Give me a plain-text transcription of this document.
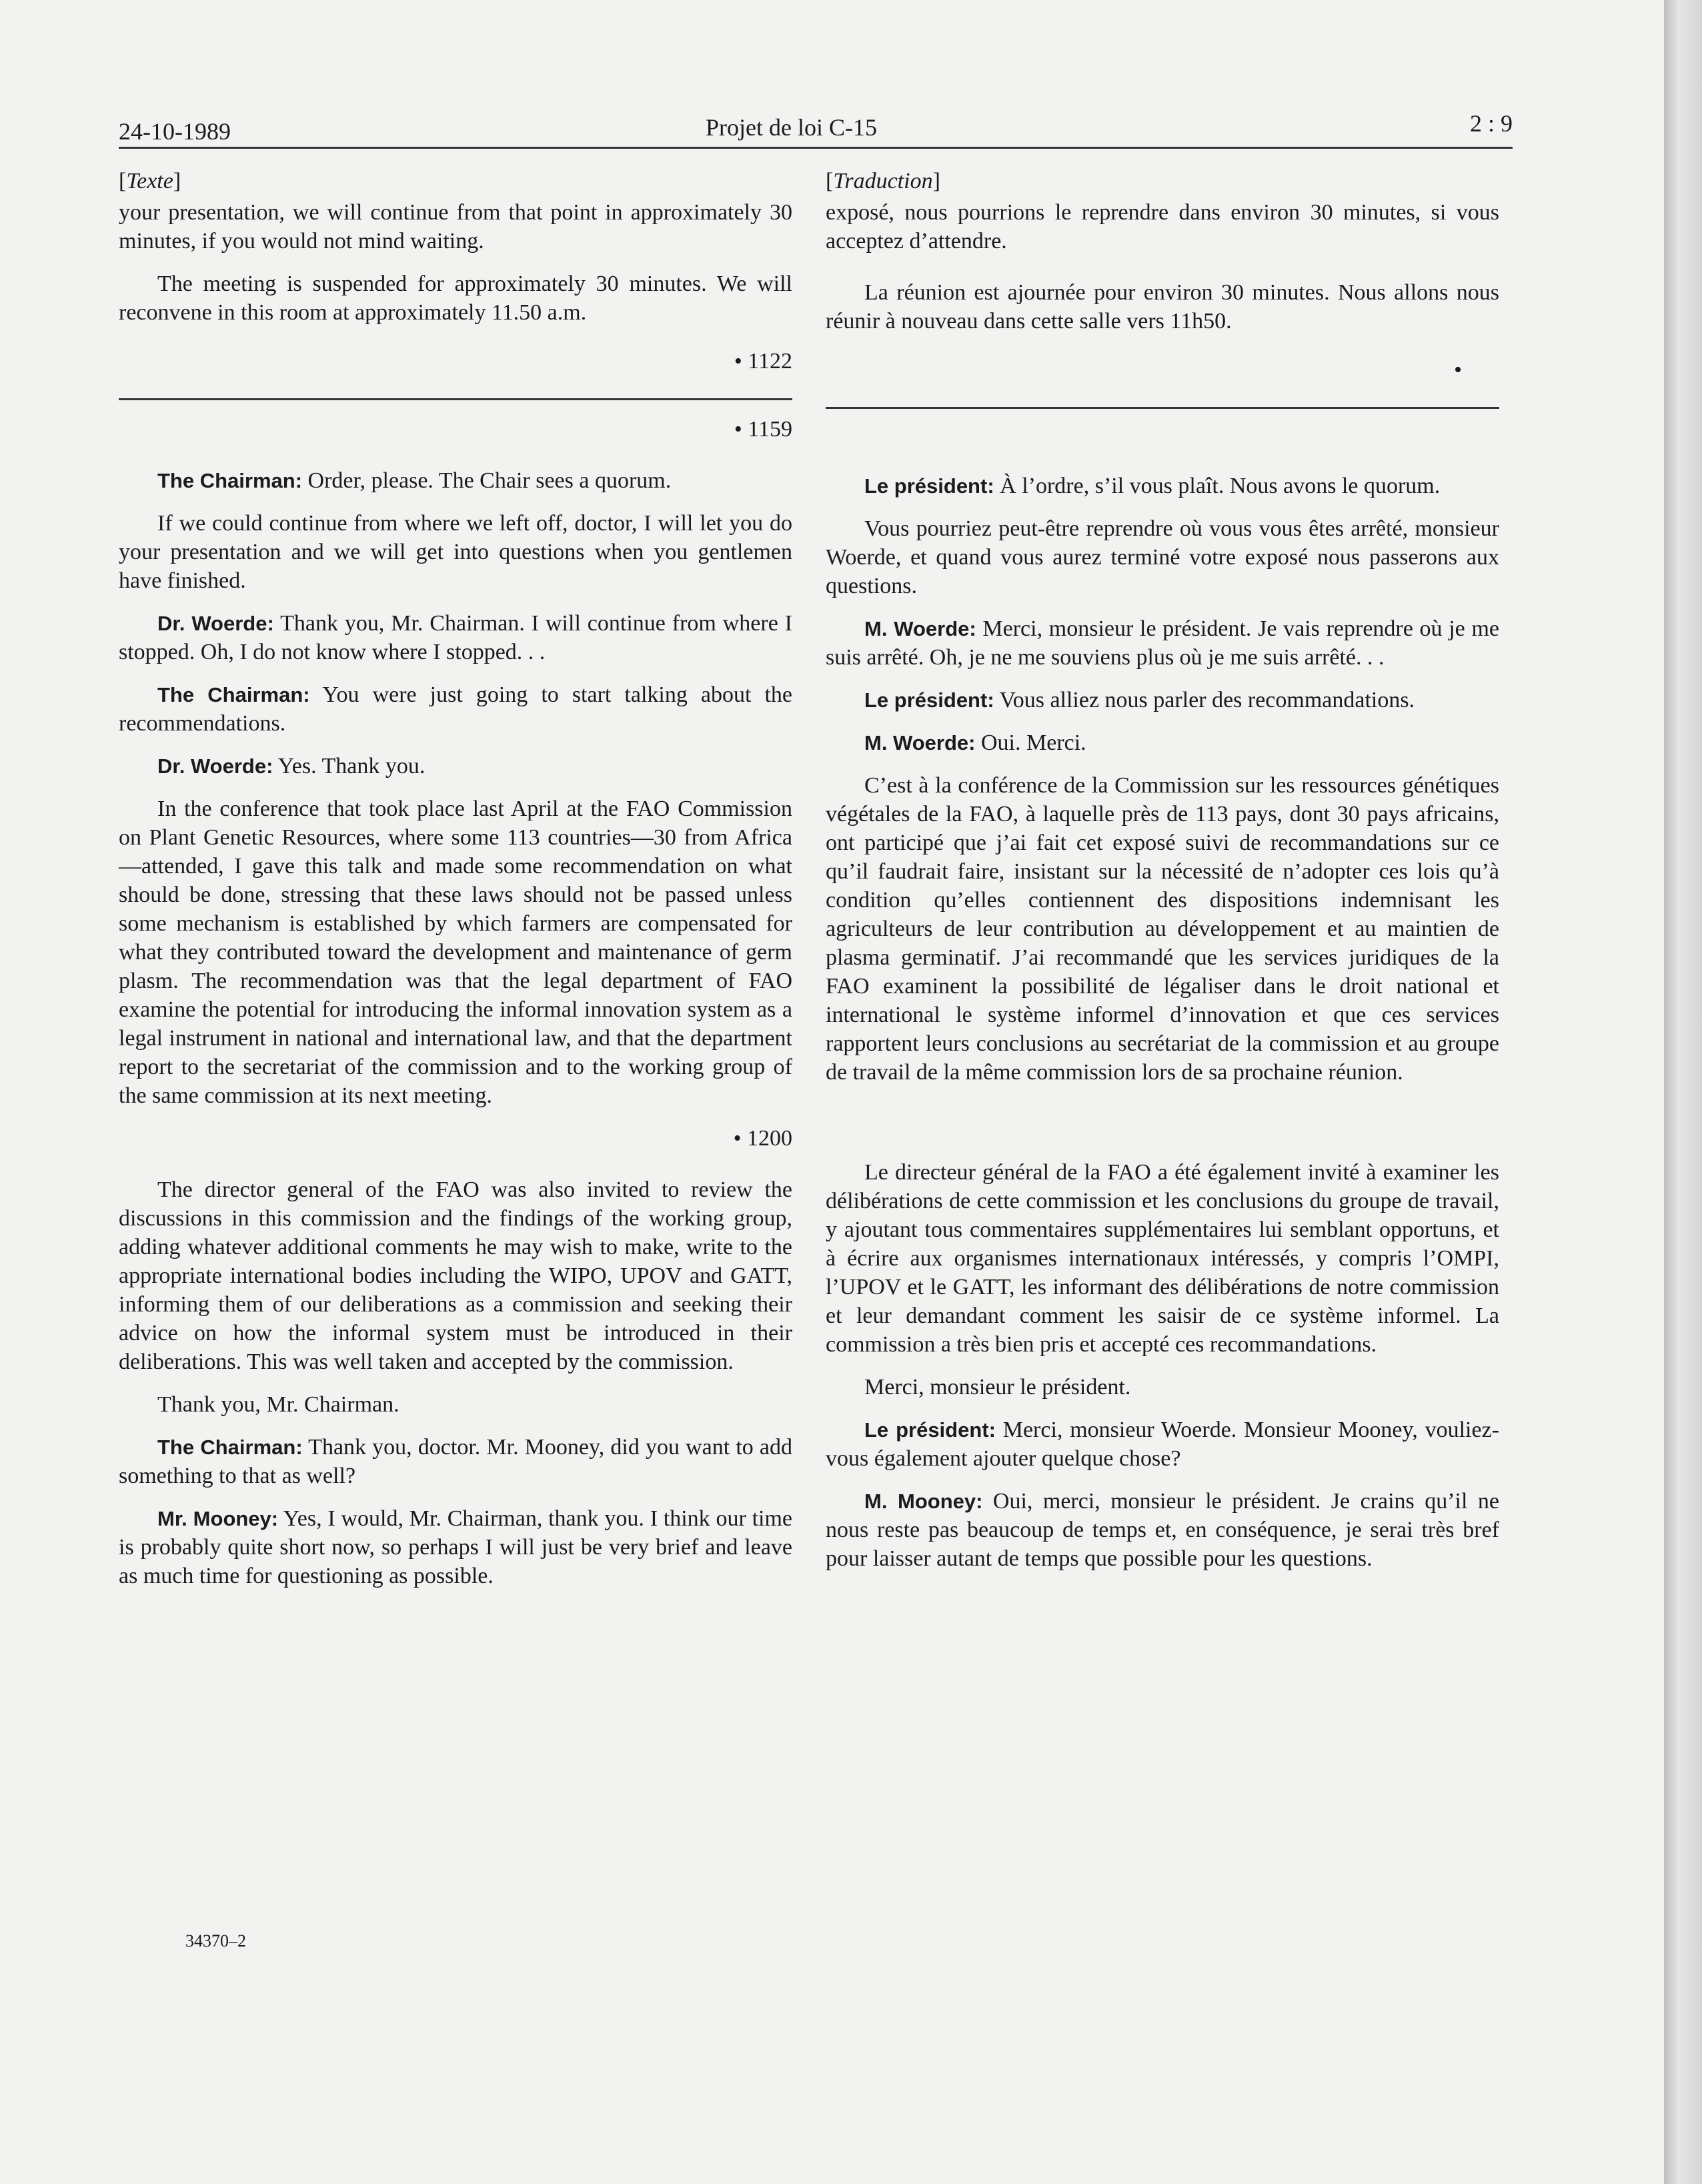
24-10-1989	Projet de loi C-15	2 : 9
[Texte]

your presentation, we will continue from that point in approximately 30 minutes, if you would not mind waiting.

The meeting is suspended for approximately 30 minutes. We will reconvene in this room at approximately 11.50 a.m.

• 1122
• 1159

The Chairman: Order, please. The Chair sees a quorum.

If we could continue from where we left off, doctor, I will let you do your presentation and we will get into questions when you gentlemen have finished.

Dr. Woerde: Thank you, Mr. Chairman. I will continue from where I stopped. Oh, I do not know where I stopped. . .

The Chairman: You were just going to start talking about the recommendations.

Dr. Woerde: Yes. Thank you.

In the conference that took place last April at the FAO Commission on Plant Genetic Resources, where some 113 countries—30 from Africa—attended, I gave this talk and made some recommendation on what should be done, stressing that these laws should not be passed unless some mechanism is established by which farmers are compensated for what they contributed toward the development and maintenance of germ plasm. The recommendation was that the legal department of FAO examine the potential for introducing the informal innovation system as a legal instrument in national and international law, and that the department report to the secretariat of the commission and to the working group of the same commission at its next meeting.

• 1200

The director general of the FAO was also invited to review the discussions in this commission and the findings of the working group, adding whatever additional comments he may wish to make, write to the appropriate international bodies including the WIPO, UPOV and GATT, informing them of our deliberations as a commission and seeking their advice on how the informal system must be introduced in their deliberations. This was well taken and accepted by the commission.

Thank you, Mr. Chairman.

The Chairman: Thank you, doctor. Mr. Mooney, did you want to add something to that as well?

Mr. Mooney: Yes, I would, Mr. Chairman, thank you. I think our time is probably quite short now, so perhaps I will just be very brief and leave as much time for questioning as possible.

[Traduction]

exposé, nous pourrions le reprendre dans environ 30 minutes, si vous acceptez d’attendre.

La réunion est ajournée pour environ 30 minutes. Nous allons nous réunir à nouveau dans cette salle vers 11h50.

•

Le président: À l’ordre, s’il vous plaît. Nous avons le quorum.

Vous pourriez peut-être reprendre où vous vous êtes arrêté, monsieur Woerde, et quand vous aurez terminé votre exposé nous passerons aux questions.

M. Woerde: Merci, monsieur le président. Je vais reprendre où je me suis arrêté. Oh, je ne me souviens plus où je me suis arrêté. . .

Le président: Vous alliez nous parler des recommandations.

M. Woerde: Oui. Merci.

C’est à la conférence de la Commission sur les ressources génétiques végétales de la FAO, à laquelle près de 113 pays, dont 30 pays africains, ont participé que j’ai fait cet exposé suivi de recommandations sur ce qu’il faudrait faire, insistant sur la nécessité de n’adopter ces lois qu’à condition qu’elles contiennent des dispositions indemnisant les agriculteurs de leur contribution au développement et au maintien de plasma germinatif. J’ai recommandé que les services juridiques de la FAO examinent la possibilité de légaliser dans le droit national et international le système informel d’innovation et que ces services rapportent leurs conclusions au secrétariat de la commission et au groupe de travail de la même commission lors de sa prochaine réunion.

Le directeur général de la FAO a été également invité à examiner les délibérations de cette commission et les conclusions du groupe de travail, y ajoutant tous commentaires supplémentaires lui semblant opportuns, et à écrire aux organismes internationaux intéressés, y compris l’OMPI, l’UPOV et le GATT, les informant des délibérations de notre commission et leur demandant comment les saisir de ce système informel. La commission a très bien pris et accepté ces recommandations.

Merci, monsieur le président.

Le président: Merci, monsieur Woerde. Monsieur Mooney, vouliez-vous également ajouter quelque chose?

M. Mooney: Oui, merci, monsieur le président. Je crains qu’il ne nous reste pas beaucoup de temps et, en conséquence, je serai très bref pour laisser autant de temps que possible pour les questions.

34370–2
